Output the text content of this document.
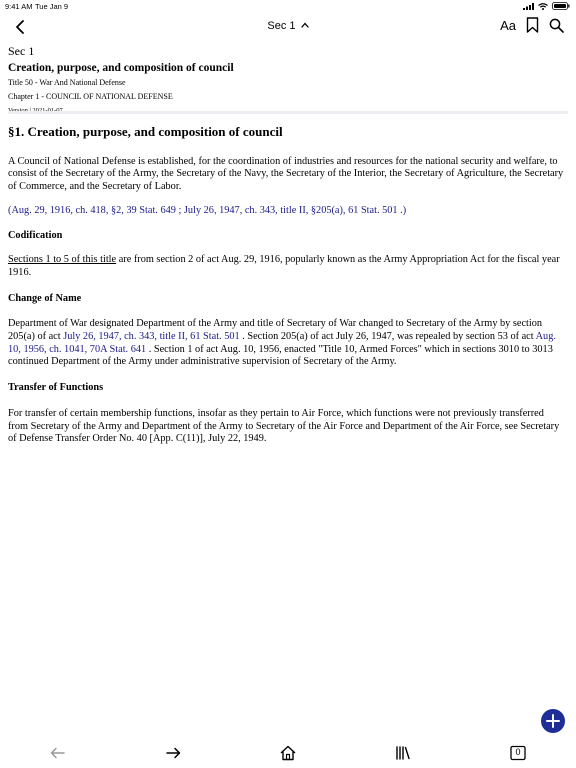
9:41 AM Tue Jan 9
Sec 1	Aa
Sec 1
Creation, purpose, and composition of council
Title 50 - War And National Defense
Chapter 1 - COUNCIL OF NATIONAL DEFENSE
§1. Creation, purpose, and composition of council

A Council of National Defense is established, for the coordination of industries and resources for the national security and welfare, to consist of the Secretary of the Army, the Secretary of the Navy, the Secretary of the Interior, the Secretary of Agriculture, the Secretary of Commerce, and the Secretary of Labor.

(Aug. 29, 1916, ch. 418, §2, 39 Stat. 649 ; July 26, 1947, ch. 343, title II, §205(a), 61 Stat. 501 .)

Codification

Sections 1 to 5 of this title are from section 2 of act Aug. 29, 1916, popularly known as the Army Appropriation Act for the fiscal year 1916.

Change of Name

Department of War designated Department of the Army and title of Secretary of War changed to Secretary of the Army by section 205(a) of act July 26, 1947, ch. 343, title II, 61 Stat. 501 . Section 205(a) of act July 26, 1947, was repealed by section 53 of act Aug. 10, 1956, ch. 1041, 70A Stat. 641 . Section 1 of act Aug. 10, 1956, enacted "Title 10, Armed Forces" which in sections 3010 to 3013 continued Department of the Army under administrative supervision of Secretary of the Army.

Transfer of Functions

For transfer of certain membership functions, insofar as they pertain to Air Force, which functions were not previously transferred from Secretary of the Army and Department of the Army to Secretary of the Air Force and Department of the Air Force, see Secretary of Defense Transfer Order No. 40 [App. C(11)], July 22, 1949.

0
